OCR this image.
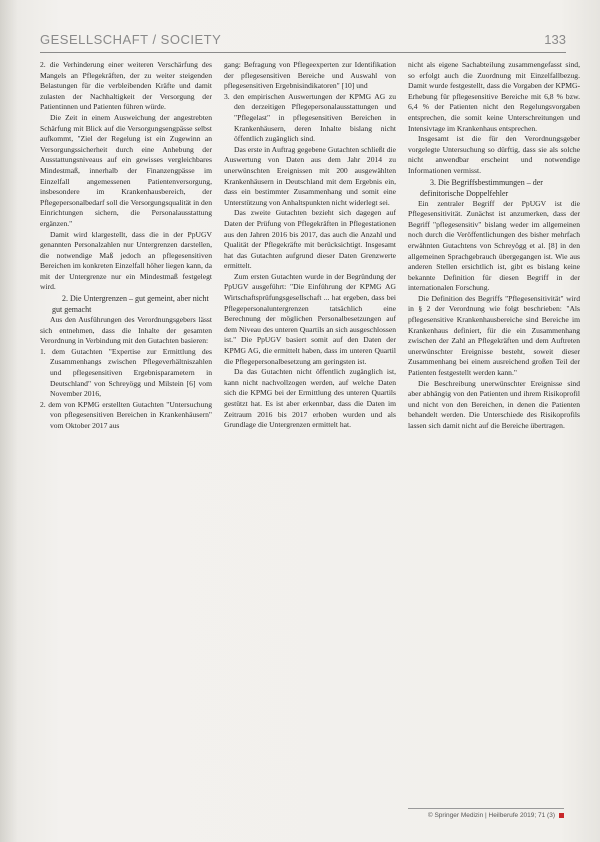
GESELLSCHAFT / SOCIETY	133

2. die Verhinderung einer weiteren Verschärfung des Mangels an Pflegekräften, der zu weiter steigenden Belastungen für die verbleibenden Kräfte und damit zulasten der Nachhaltigkeit der Versorgung der Patientinnen und Patienten führen würde.

Die Zeit in einem Ausweichung der angestrebten Schärfung mit Blick auf die Versorgungsengpässe selbst aufkommt, "Ziel der Regelung ist ein Zugewinn an Versorgungssicherheit durch eine Anhebung der Ausstattungsniveaus auf ein gewisses vergleichbares Mindestmaß, innerhalb der Finanzengpässe im Einzelfall angemessenen Patientenversorgung, insbesondere im Krankenhausbereich, der Pflegepersonalbedarf soll die Versorgungsqualität in den Einrichtungen sichern, die Personalausstattung ergänzen."

Damit wird klargestellt, dass die in der PpUGV genannten Personalzahlen nur Untergrenzen darstellen, die notwendige Maß jedoch an pflegesensitiven Bereichen im konkreten Einzelfall höher liegen kann, da mit der Untergrenze nur ein Mindestmaß festgelegt wird.

2. Die Untergrenzen – gut gemeint, aber nicht gut gemacht

Aus den Ausführungen des Verordnungsgebers lässt sich entnehmen, dass die Inhalte der gesamten Verordnung in Verbindung mit den Gutachten basieren:

1. dem Gutachten "Expertise zur Ermittlung des Zusammenhangs zwischen Pflegeverhältniszahlen und pflegesensitiven Ergebnisparametern in Deutschland" von Schreyögg und Milstein [6] vom November 2016,

2. dem von KPMG erstellten Gutachten "Untersuchung von pflegesensitiven Bereichen in Krankenhäusern" vom Oktober 2017 aus

gang: Befragung von Pflegeexperten zur Identifikation der pflegesensitiven Bereiche und Auswahl von pflegesensitiven Ergebnisindikatoren" [10] und

3. den empirischen Auswertungen der KPMG AG zu den derzeitigen Pflegepersonalausstattungen und "Pflegelast" in pflegesensitiven Bereichen in Krankenhäusern, deren Inhalte bislang nicht öffentlich zugänglich sind.

Das erste in Auftrag gegebene Gutachten schließt die Auswertung von Daten aus dem Jahr 2014 zu unerwünschten Ereignissen mit 200 ausgewählten Krankenhäusern in Deutschland mit dem Ergebnis ein, dass ein bestimmter Zusammenhang und somit eine Unterstützung von Anhaltspunkten nicht widerlegt sei.

Das zweite Gutachten bezieht sich dagegen auf Daten der Prüfung von Pflegekräften in Pflegestationen aus den Jahren 2016 bis 2017, das auch die Anzahl und Qualität der Pflegekräfte mit berücksichtigt. Insgesamt hat das Gutachten aufgrund dieser Daten Grenzwerte ermittelt.

Zum ersten Gutachten wurde in der Begründung der PpUGV ausgeführt: "Die Einführung der KPMG AG Wirtschaftsprüfungsgesellschaft ... hat ergeben, dass bei Pflegepersonaluntergrenzen tatsächlich eine Berechnung der möglichen Personalbesetzungen auf dem Niveau des unteren Quartils an sich ausgeschlossen ist." Die PpUGV basiert somit auf den Daten der KPMG AG, die ermittelt haben, dass im unteren Quartil die Pflegepersonalbesetzung am geringsten ist.

Da das Gutachten nicht öffentlich zugänglich ist, kann nicht nachvollzogen werden, auf welche Daten sich die KPMG bei der Ermittlung des unteren Quartils gestützt hat. Es ist aber erkennbar, dass die Daten im Zeitraum 2016 bis 2017 erhoben wurden und als Grundlage die Untergrenzen ermittelt hat.

nicht als eigene Sachabteilung zusammengefasst sind, so erfolgt auch die Zuordnung mit Einzelfallbezug. Damit wurde festgestellt, dass die Vorgaben der KPMG-Erhebung für pflegesensitive Bereiche mit 6,8 % bzw. 6,4 % der Patienten nicht den Regelungsvorgaben entsprechen, die somit keine Unterschreitungen und Intensivtage im Krankenhaus entsprechen.

Insgesamt ist die für den Verordnungsgeber vorgelegte Untersuchung so dürftig, dass sie als solche nicht anwendbar erscheint und notwendige Informationen vermisst.

3. Die Begriffsbestimmungen – der definitorische Doppelfehler

Ein zentraler Begriff der PpUGV ist die Pflegesensitivität. Zunächst ist anzumerken, dass der Begriff "pflegesensitiv" bislang weder im allgemeinen noch durch die Veröffentlichungen des bisher mehrfach erwähnten Gutachtens von Schreyögg et al. [8] in den allgemeinen Sprachgebrauch übergegangen ist. Wie aus anderen Stellen ersichtlich ist, gibt es bislang keine bekannte Definition für diesen Begriff in der internationalen Forschung.

Die Definition des Begriffs "Pflegesensitivität" wird in § 2 der Verordnung wie folgt beschrieben: "Als pflegesensitive Krankenhausbereiche sind Bereiche im Krankenhaus definiert, für die ein Zusammenhang zwischen der Zahl an Pflegekräften und dem Auftreten unerwünschter Ereignisse besteht, soweit dieser Zusammenhang bei einem ausreichend großen Teil der Patienten festgestellt werden kann."

Die Beschreibung unerwünschter Ereignisse sind aber abhängig von den Patienten und ihrem Risikoprofil und nicht von den Bereichen, in denen die Patienten behandelt werden. Die Unterschiede des Risikoprofils lassen sich damit nicht auf die Bereiche übertragen.

© Springer Medizin | Heilberufe 2019; 71 (3)
